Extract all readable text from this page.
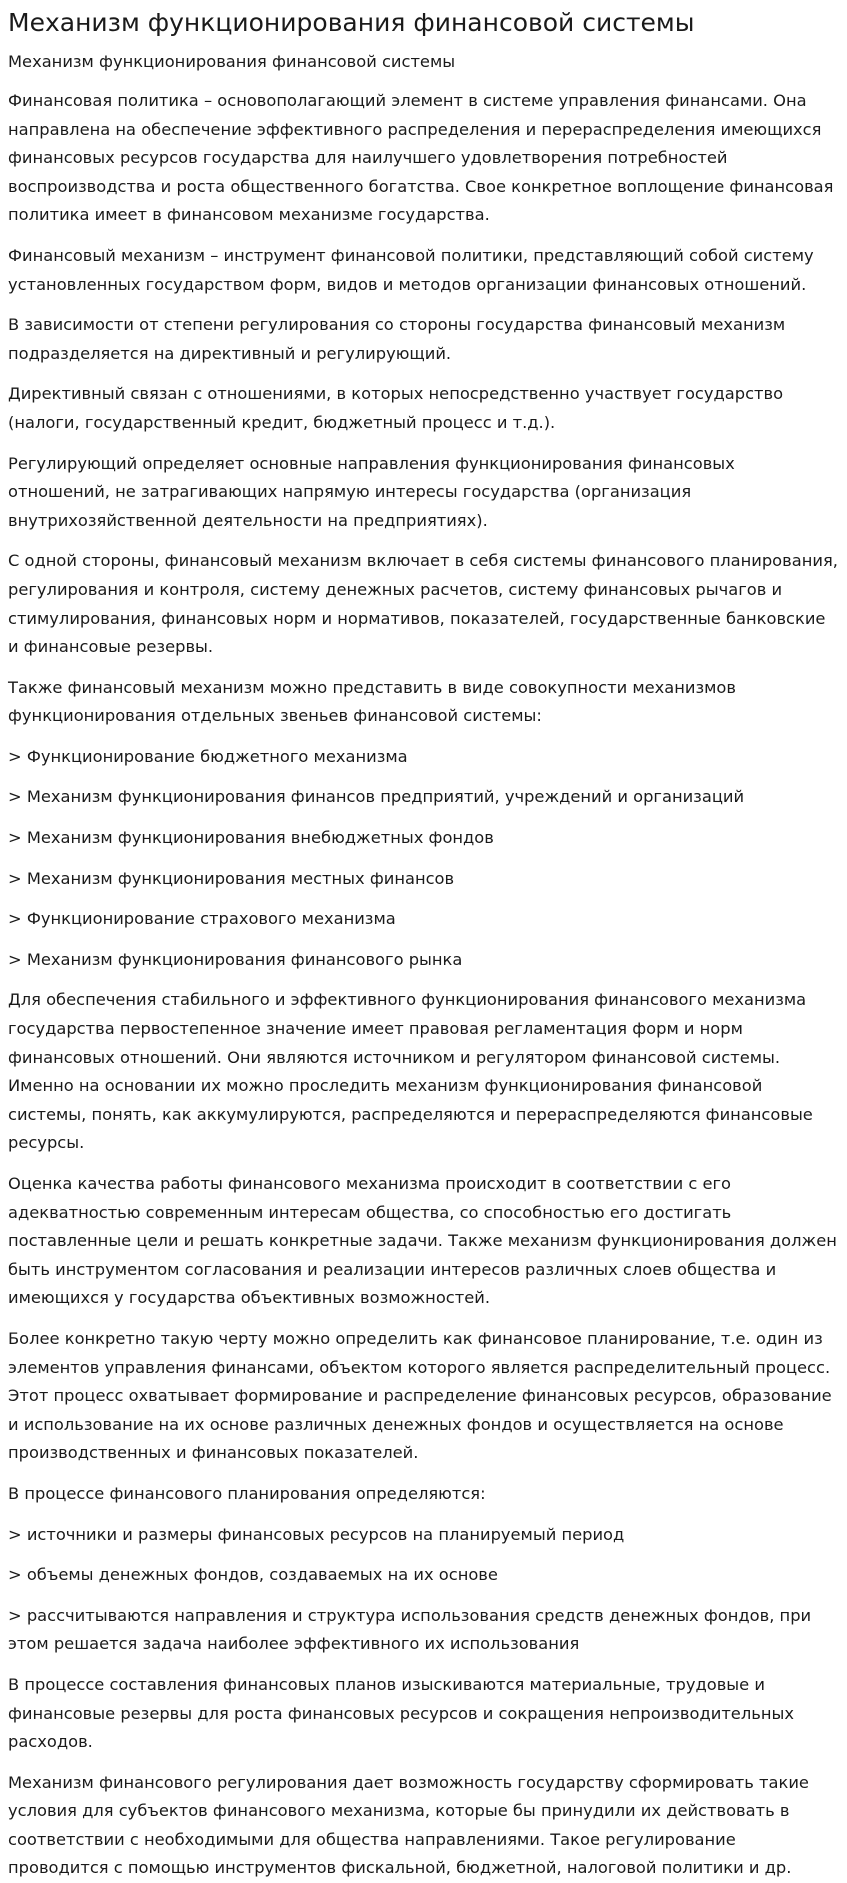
Механизм функционирования финансовой системы

Механизм функционирования финансовой системы

Финансовая политика – основополагающий элемент в системе управления финансами. Она направлена на обеспечение эффективного распределения и перераспределения имеющихся финансовых ресурсов государства для наилучшего удовлетворения потребностей воспроизводства и роста общественного богатства. Свое конкретное воплощение финансовая политика имеет в финансовом механизме государства.

Финансовый механизм – инструмент финансовой политики, представляющий собой систему установленных государством форм, видов и методов организации финансовых отношений.

В зависимости от степени регулирования со стороны государства финансовый механизм подразделяется на директивный и регулирующий.

Директивный связан с отношениями, в которых непосредственно участвует государство (налоги, государственный кредит, бюджетный процесс и т.д.).

Регулирующий определяет основные направления функционирования финансовых отношений, не затрагивающих напрямую интересы государства (организация внутрихозяйственной деятельности на предприятиях).

С одной стороны, финансовый механизм включает в себя системы финансового планирования, регулирования и контроля, систему денежных расчетов, систему финансовых рычагов и стимулирования, финансовых норм и нормативов, показателей, государственные банковские и финансовые резервы.

Также финансовый механизм можно представить в виде совокупности механизмов функционирования отдельных звеньев финансовой системы:

> Функционирование бюджетного механизма

> Механизм функционирования финансов предприятий, учреждений и организаций

> Механизм функционирования внебюджетных фондов

> Механизм функционирования местных финансов

> Функционирование страхового механизма

> Механизм функционирования финансового рынка

Для обеспечения стабильного и эффективного функционирования финансового механизма государства первостепенное значение имеет правовая регламентация форм и норм финансовых отношений. Они являются источником и регулятором финансовой системы. Именно на основании их можно проследить механизм функционирования финансовой системы, понять, как аккумулируются, распределяются и перераспределяются финансовые ресурсы.

Оценка качества работы финансового механизма происходит в соответствии с его адекватностью современным интересам общества, со способностью его достигать поставленные цели и решать конкретные задачи. Также механизм функционирования должен быть инструментом согласования и реализации интересов различных слоев общества и имеющихся у государства объективных возможностей.

Более конкретно такую черту можно определить как финансовое планирование, т.е. один из элементов управления финансами, объектом которого является распределительный процесс. Этот процесс охватывает формирование и распределение финансовых ресурсов, образование и использование на их основе различных денежных фондов и осуществляется на основе производственных и финансовых показателей.

В процессе финансового планирования определяются:

> источники и размеры финансовых ресурсов на планируемый период

> объемы денежных фондов, создаваемых на их основе

> рассчитываются направления и структура использования средств денежных фондов, при этом решается задача наиболее эффективного их использования

В процессе составления финансовых планов изыскиваются материальные, трудовые и финансовые резервы для роста финансовых ресурсов и сокращения непроизводительных расходов.

Механизм финансового регулирования дает возможность государству сформировать такие условия для субъектов финансового механизма, которые бы принудили их действовать в соответствии с необходимыми для общества направлениями. Такое регулирование проводится с помощью инструментов фискальной, бюджетной, налоговой политики и др.
